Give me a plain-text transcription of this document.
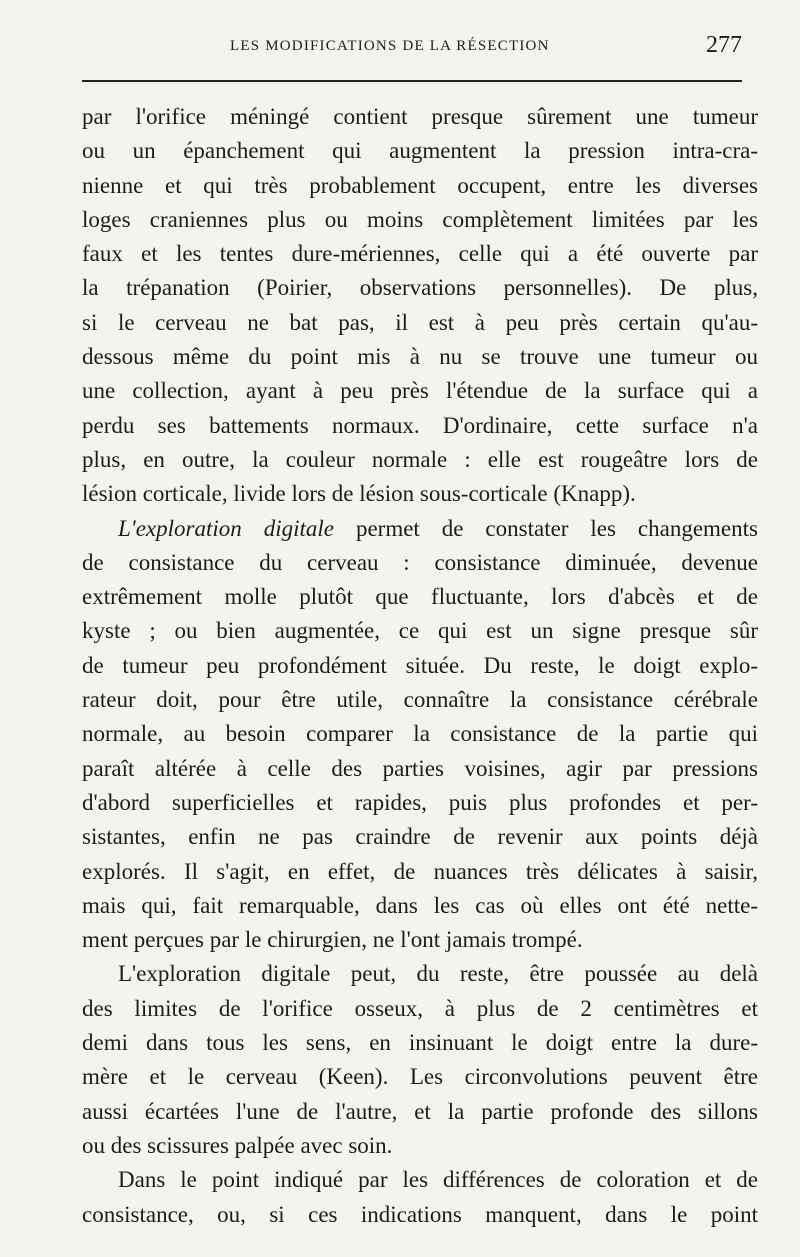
LES MODIFICATIONS DE LA RÉSECTION	277
par l'orifice méningé contient presque sûrement une tumeur
ou un épanchement qui augmentent la pression intra-cra-
nienne et qui très probablement occupent, entre les diverses
loges craniennes plus ou moins complètement limitées par les
faux et les tentes dure-mériennes, celle qui a été ouverte par
la trépanation (Poirier, observations personnelles). De plus,
si le cerveau ne bat pas, il est à peu près certain qu'au-
dessous même du point mis à nu se trouve une tumeur ou
une collection, ayant à peu près l'étendue de la surface qui a
perdu ses battements normaux. D'ordinaire, cette surface n'a
plus, en outre, la couleur normale : elle est rougeâtre lors de
lésion corticale, livide lors de lésion sous-corticale (Knapp).
L'exploration digitale permet de constater les changements
de consistance du cerveau : consistance diminuée, devenue
extrêmement molle plutôt que fluctuante, lors d'abcès et de
kyste ; ou bien augmentée, ce qui est un signe presque sûr
de tumeur peu profondément située. Du reste, le doigt explo-
rateur doit, pour être utile, connaître la consistance cérébrale
normale, au besoin comparer la consistance de la partie qui
paraît altérée à celle des parties voisines, agir par pressions
d'abord superficielles et rapides, puis plus profondes et per-
sistantes, enfin ne pas craindre de revenir aux points déjà
explorés. Il s'agit, en effet, de nuances très délicates à saisir,
mais qui, fait remarquable, dans les cas où elles ont été nette-
ment perçues par le chirurgien, ne l'ont jamais trompé.
L'exploration digitale peut, du reste, être poussée au delà
des limites de l'orifice osseux, à plus de 2 centimètres et
demi dans tous les sens, en insinuant le doigt entre la dure-
mère et le cerveau (Keen). Les circonvolutions peuvent être
aussi écartées l'une de l'autre, et la partie profonde des sillons
ou des scissures palpée avec soin.
Dans le point indiqué par les différences de coloration et de
consistance, ou, si ces indications manquent, dans le point
